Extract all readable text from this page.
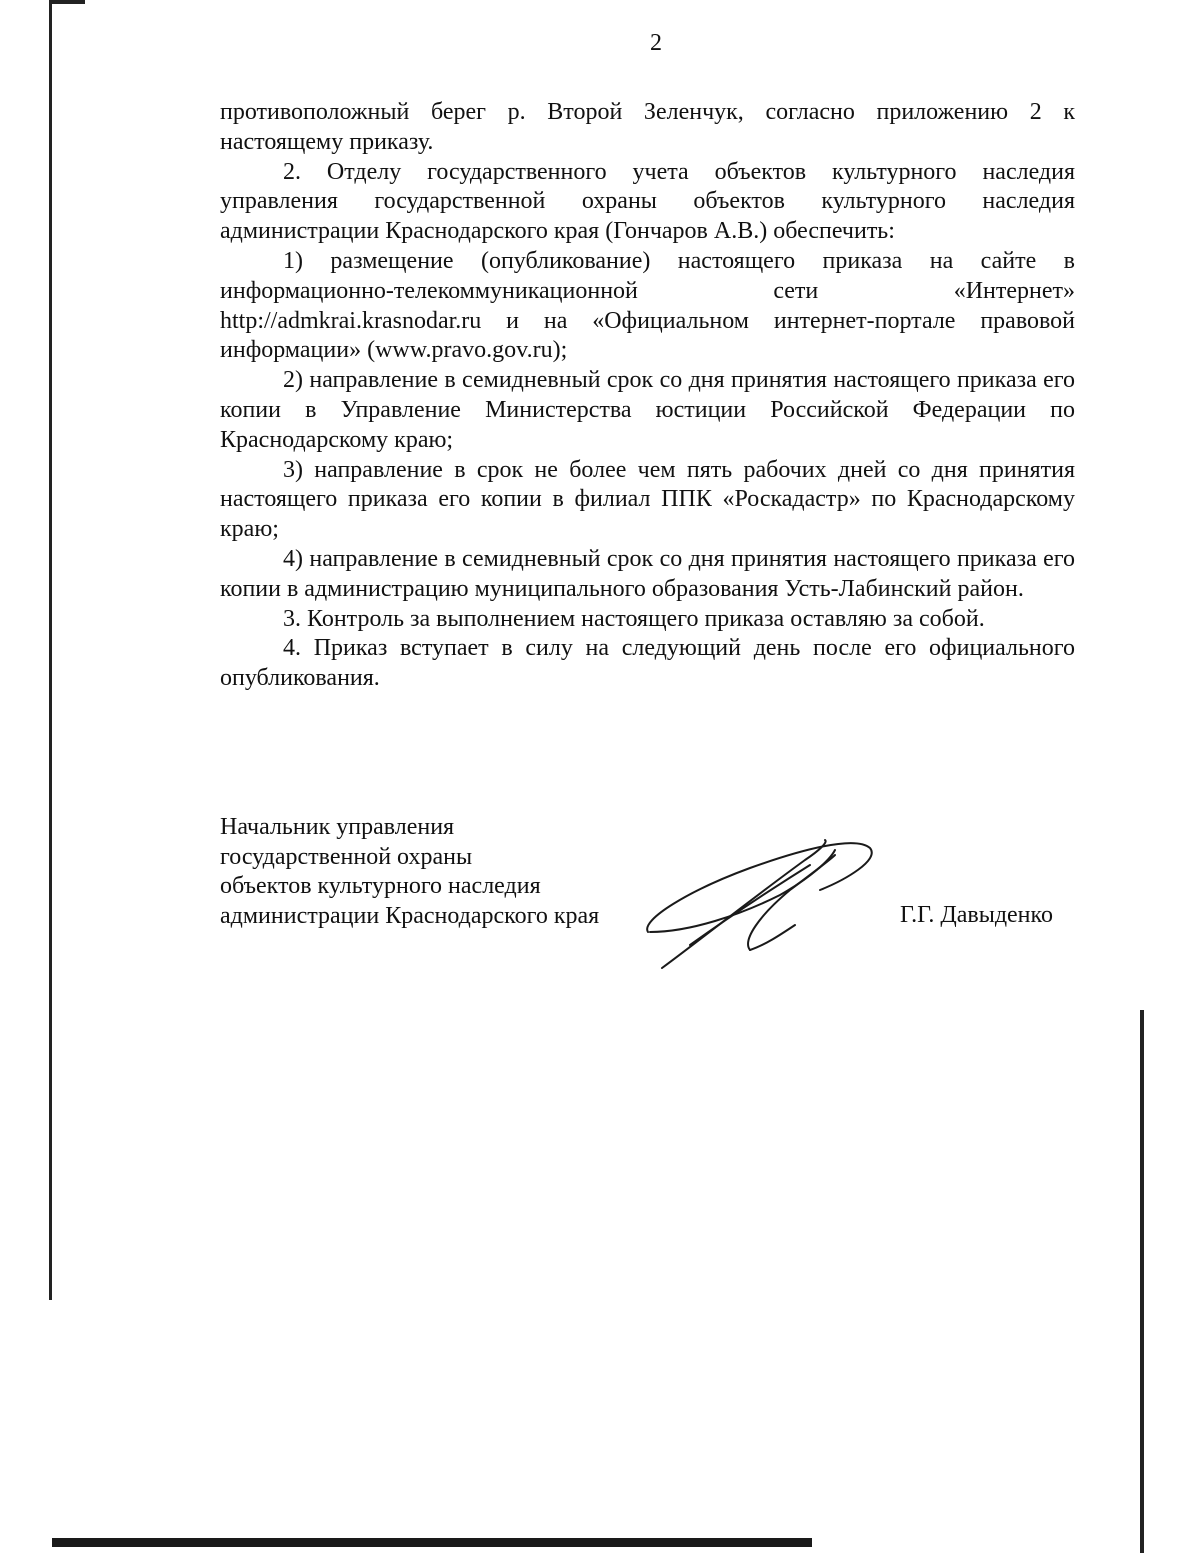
2

противоположный берег р. Второй Зеленчук, согласно приложению 2 к настоящему приказу.

2. Отделу государственного учета объектов культурного наследия управления государственной охраны объектов культурного наследия администрации Краснодарского края (Гончаров А.В.) обеспечить:

1) размещение (опубликование) настоящего приказа на сайте в информационно-телекоммуникационной сети «Интернет» http://admkrai.krasnodar.ru и на «Официальном интернет-портале правовой информации» (www.pravo.gov.ru);

2) направление в семидневный срок со дня принятия настоящего приказа его копии в Управление Министерства юстиции Российской Федерации по Краснодарскому краю;

3) направление в срок не более чем пять рабочих дней со дня принятия настоящего приказа его копии в филиал ППК «Роскадастр» по Краснодарскому краю;

4) направление в семидневный срок со дня принятия настоящего приказа его копии в администрацию муниципального образования Усть-Лабинский район.

3. Контроль за выполнением настоящего приказа оставляю за собой.

4. Приказ вступает в силу на следующий день после его официального опубликования.

Начальник управления
государственной охраны
объектов культурного наследия
администрации Краснодарского края	Г.Г. Давыденко
